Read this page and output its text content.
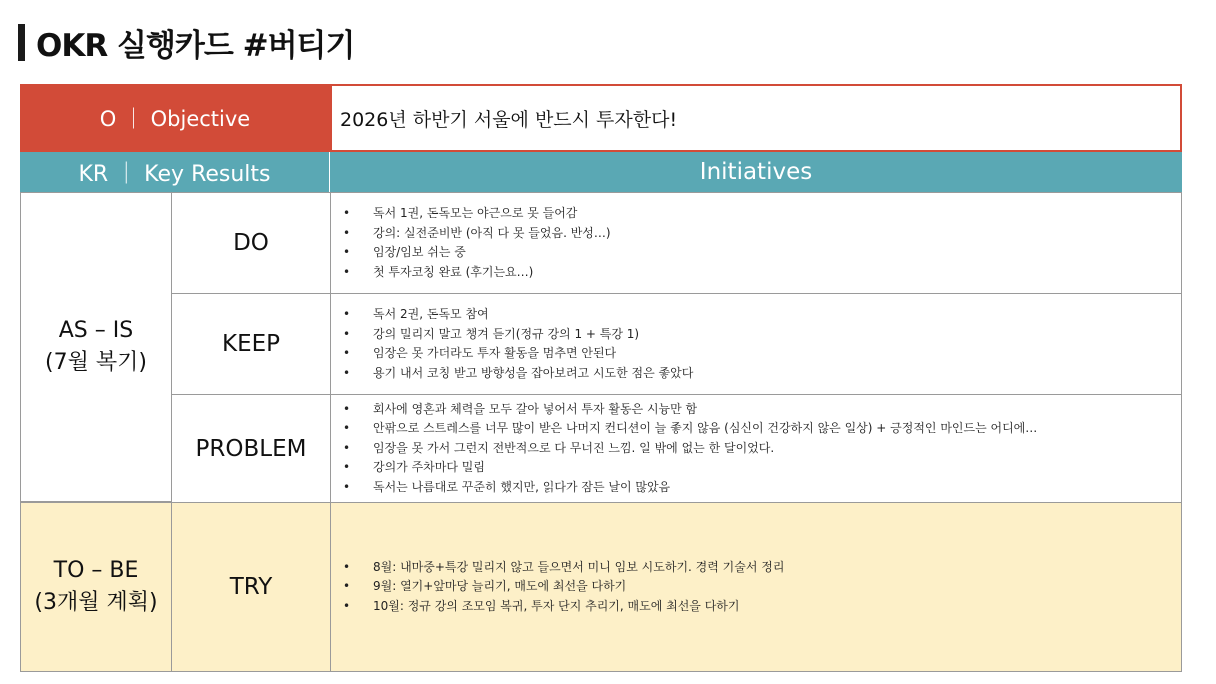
OKR 실행카드 #버티기
O ｜ Objective	2026년 하반기 서울에 반드시 투자한다!
KR ｜ Key Results	Initiatives
AS – IS
(7월 복기)
TO – BE
(3개월 계획)
DO
KEEP
PROBLEM
TRY
• 독서 1권, 돈독모는 야근으로 못 들어감
• 강의: 실전준비반 (아직 다 못 들었음. 반성…)
• 임장/임보 쉬는 중
• 첫 투자코칭 완료 (후기는요…)
• 독서 2권, 돈독모 참여
• 강의 밀리지 말고 챙겨 듣기(정규 강의 1 + 특강 1)
• 임장은 못 가더라도 투자 활동을 멈추면 안된다
• 용기 내서 코칭 받고 방향성을 잡아보려고 시도한 점은 좋았다
• 회사에 영혼과 체력을 모두 갈아 넣어서 투자 활동은 시늉만 함
• 안팎으로 스트레스를 너무 많이 받은 나머지 컨디션이 늘 좋지 않음 (심신이 건강하지 않은 일상) + 긍정적인 마인드는 어디에…
• 임장을 못 가서 그런지 전반적으로 다 무너진 느낌. 일 밖에 없는 한 달이었다.
• 강의가 주차마다 밀림
• 독서는 나름대로 꾸준히 했지만, 읽다가 잠든 날이 많았음
• 8월: 내마중+특강 밀리지 않고 들으면서 미니 임보 시도하기. 경력 기술서 정리
• 9월: 열기+앞마당 늘리기, 매도에 최선을 다하기
• 10월: 정규 강의 조모임 복귀, 투자 단지 추리기, 매도에 최선을 다하기
